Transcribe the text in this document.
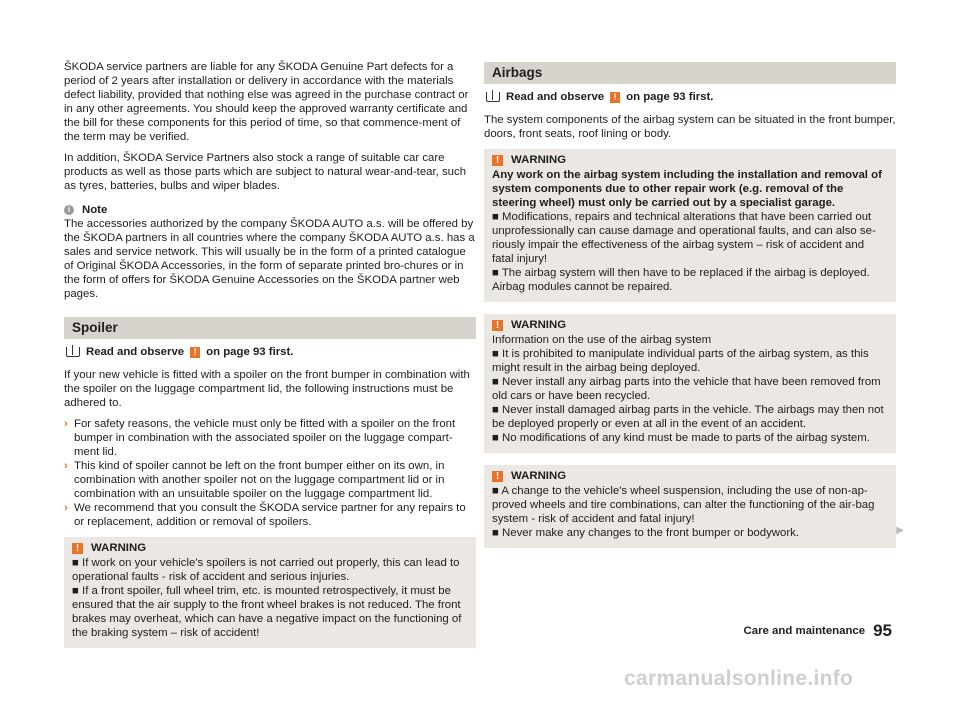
ŠKODA service partners are liable for any ŠKODA Genuine Part defects for a period of 2 years after installation or delivery in accordance with the materials defect liability, provided that nothing else was agreed in the purchase contract or in any other agreements. You should keep the approved warranty certificate and the bill for these components for this period of time, so that commence-ment of the term may be verified.

In addition, ŠKODA Service Partners also stock a range of suitable car care products as well as those parts which are subject to natural wear-and-tear, such as tyres, batteries, bulbs and wiper blades.

i	Note

The accessories authorized by the company ŠKODA AUTO a.s. will be offered by the ŠKODA partners in all countries where the company ŠKODA AUTO a.s. has a sales and service network. This will usually be in the form of a printed catalogue of Original ŠKODA Accessories, in the form of separate printed bro-chures or in the form of offers for ŠKODA Genuine Accessories on the ŠKODA partner web pages.

Spoiler
Read and observe	! on page 93 first.

If your new vehicle is fitted with a spoiler on the front bumper in combination with the spoiler on the luggage compartment lid, the following instructions must be adhered to.

› For safety reasons, the vehicle must only be fitted with a spoiler on the front bumper in combination with the associated spoiler on the luggage compart-ment lid.
› This kind of spoiler cannot be left on the front bumper either on its own, in combination with another spoiler not on the luggage compartment lid or in combination with an unsuitable spoiler on the luggage compartment lid.
› We recommend that you consult the ŠKODA service partner for any repairs to or replacement, addition or removal of spoilers.
!	WARNING

■ If work on your vehicle's spoilers is not carried out properly, this can lead to operational faults - risk of accident and serious injuries.

■ If a front spoiler, full wheel trim, etc. is mounted retrospectively, it must be ensured that the air supply to the front wheel brakes is not reduced. The front brakes may overheat, which can have a negative impact on the functioning of the braking system – risk of accident!

Airbags
Read and observe	! on page 93 first.

The system components of the airbag system can be situated in the front bumper, doors, front seats, roof lining or body.

!	WARNING

Any work on the airbag system including the installation and removal of system components due to other repair work (e.g. removal of the steering wheel) must only be carried out by a specialist garage.

■ Modifications, repairs and technical alterations that have been carried out unprofessionally can cause damage and operational faults, and can also se-riously impair the effectiveness of the airbag system – risk of accident and fatal injury!

■ The airbag system will then have to be replaced if the airbag is deployed. Airbag modules cannot be repaired.

!	WARNING

Information on the use of the airbag system

■ It is prohibited to manipulate individual parts of the airbag system, as this might result in the airbag being deployed.

■ Never install any airbag parts into the vehicle that have been removed from old cars or have been recycled.

■ Never install damaged airbag parts in the vehicle. The airbags may then not be deployed properly or even at all in the event of an accident.

■ No modifications of any kind must be made to parts of the airbag system.

!	WARNING

■ A change to the vehicle's wheel suspension, including the use of non-ap-proved wheels and tire combinations, can alter the functioning of the air-bag system - risk of accident and fatal injury!

■ Never make any changes to the front bumper or bodywork.	▶
Care and maintenance 95
carmanualsonline.info
